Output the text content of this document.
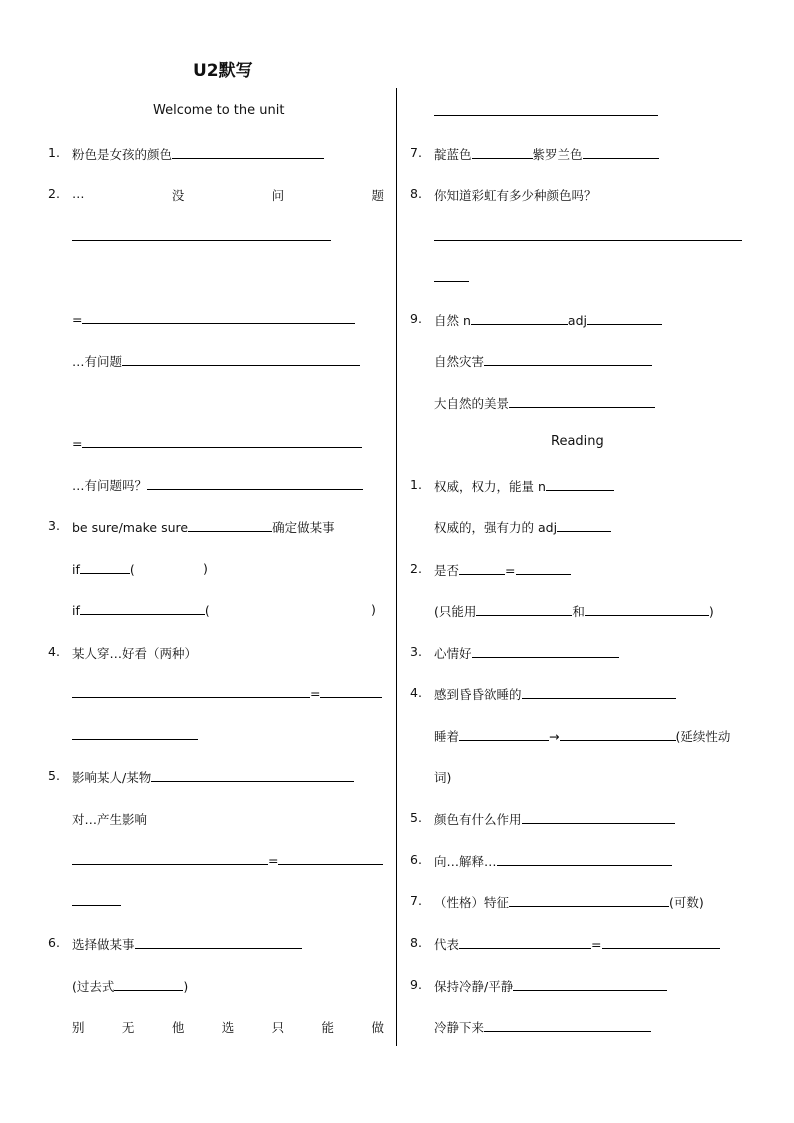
U2默写
Welcome to the unit
1. 粉色是女孩的颜色
2. …	没	问	题
=
…有问题
=
…有问题吗？
3. be sure/make sure	确定做某事
if	(	)
if	(	)
4. 某人穿…好看（两种）
=
5. 影响某人/某物
对…产生影响
=
6. 选择做某事
(过去式	)
别	无	他	选	只	能	做
7. 靛蓝色	紫罗兰色
8. 你知道彩虹有多少种颜色吗？
9. 自然 n	adj
自然灾害
大自然的美景
Reading
1. 权威，权力，能量 n
权威的，强有力的 adj
2. 是否	=
(只能用	和	)
3. 心情好
4. 感到昏昏欲睡的
睡着	→	(延续性动
词)
5. 颜色有什么作用
6. 向…解释…
7. （性格）特征	(可数)
8. 代表	=
9. 保持冷静/平静
冷静下来
